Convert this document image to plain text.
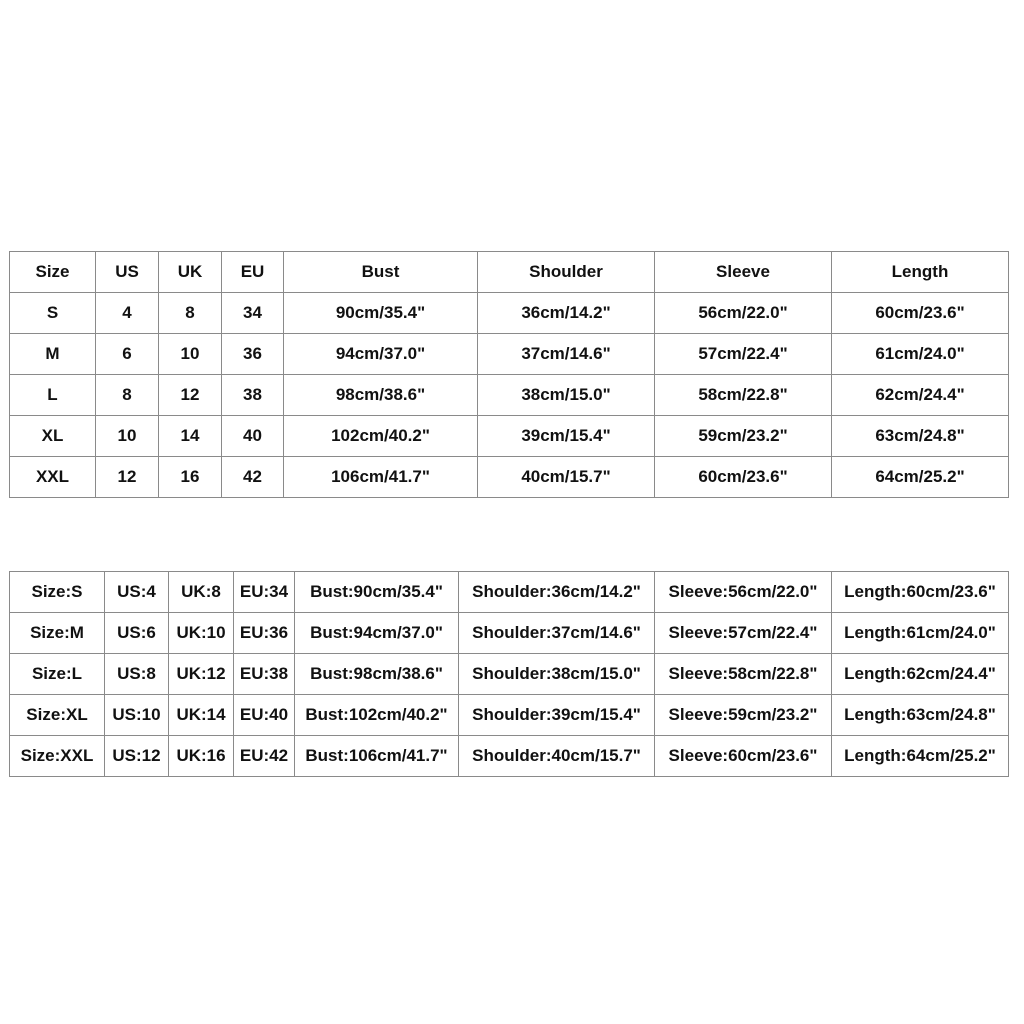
Size	US	UK	EU	Bust	Shoulder	Sleeve	Length
S	4	8	34	90cm/35.4"	36cm/14.2"	56cm/22.0"	60cm/23.6"
M	6	10	36	94cm/37.0"	37cm/14.6"	57cm/22.4"	61cm/24.0"
L	8	12	38	98cm/38.6"	38cm/15.0"	58cm/22.8"	62cm/24.4"
XL	10	14	40	102cm/40.2"	39cm/15.4"	59cm/23.2"	63cm/24.8"
XXL	12	16	42	106cm/41.7"	40cm/15.7"	60cm/23.6"	64cm/25.2"
Size:S	US:4	UK:8	EU:34	Bust:90cm/35.4"	Shoulder:36cm/14.2"	Sleeve:56cm/22.0"	Length:60cm/23.6"
Size:M	US:6	UK:10	EU:36	Bust:94cm/37.0"	Shoulder:37cm/14.6"	Sleeve:57cm/22.4"	Length:61cm/24.0"
Size:L	US:8	UK:12	EU:38	Bust:98cm/38.6"	Shoulder:38cm/15.0"	Sleeve:58cm/22.8"	Length:62cm/24.4"
Size:XL	US:10	UK:14	EU:40	Bust:102cm/40.2"	Shoulder:39cm/15.4"	Sleeve:59cm/23.2"	Length:63cm/24.8"
Size:XXL	US:12	UK:16	EU:42	Bust:106cm/41.7"	Shoulder:40cm/15.7"	Sleeve:60cm/23.6"	Length:64cm/25.2"
